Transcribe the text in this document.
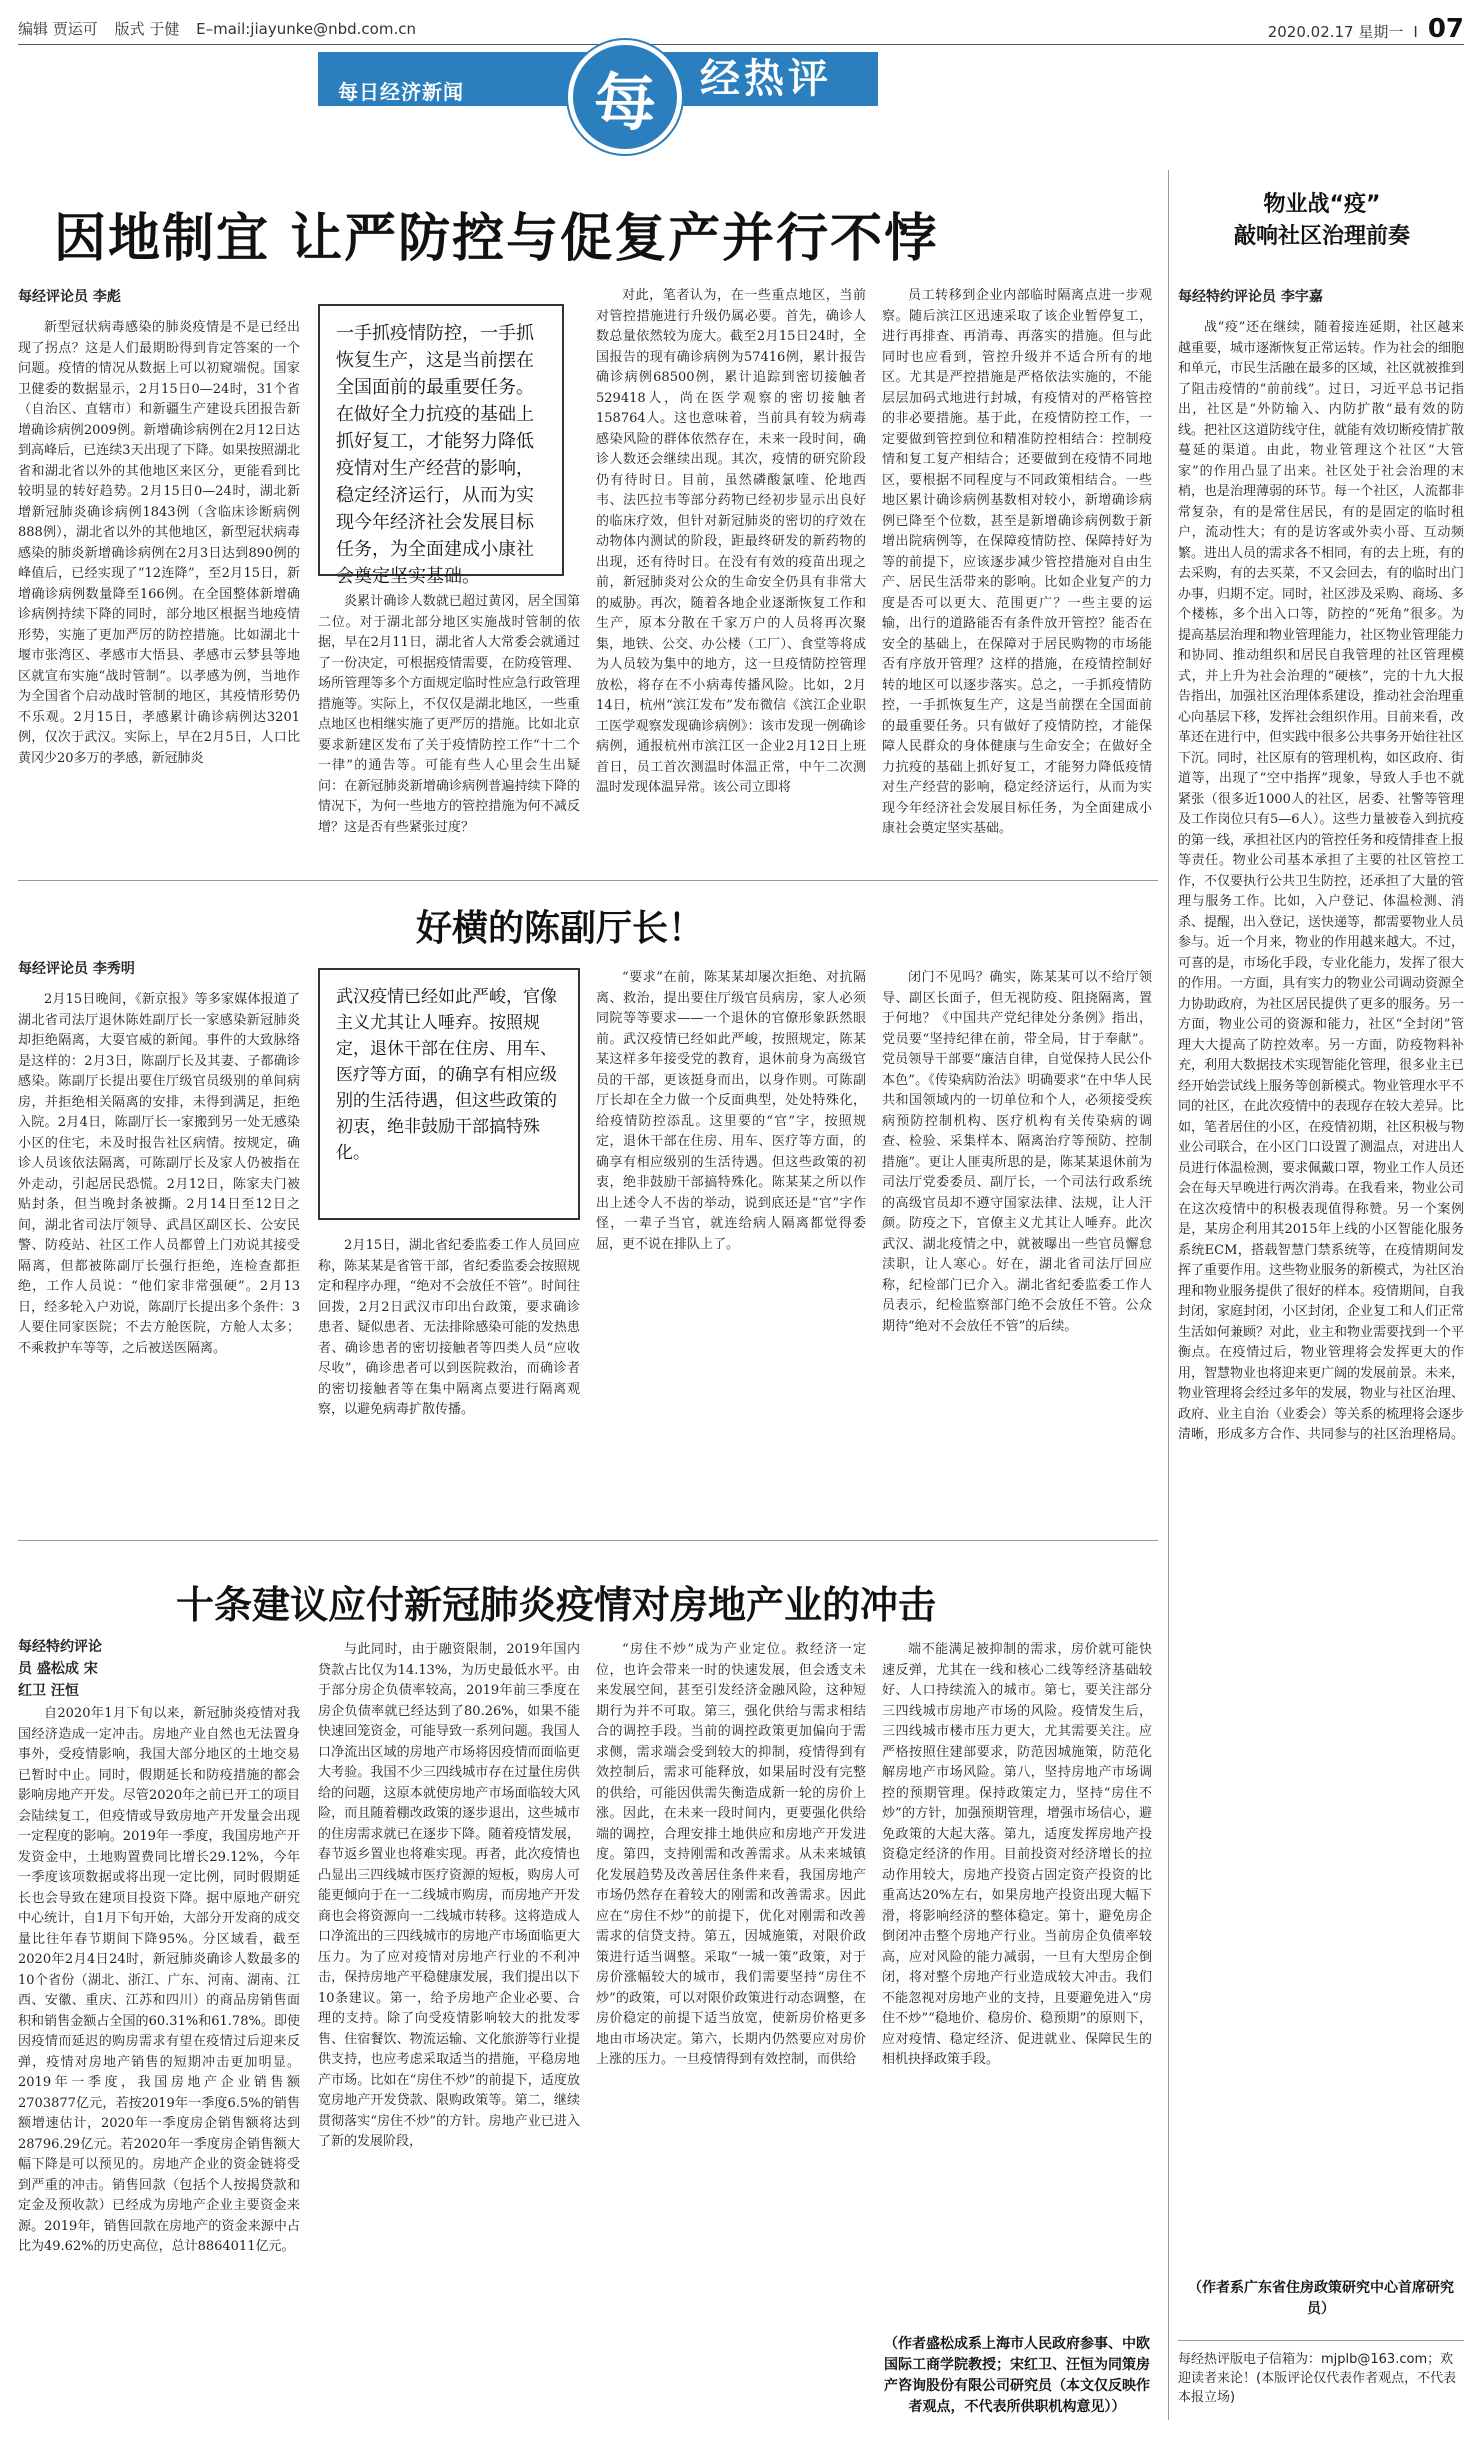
编辑 贾运可 版式 于健 E–mail:jiayunke@nbd.com.cn	2020.02.17 星期一 I 07
每日经济新闻	每	经热评
因地制宜 让严防控与促复产并行不悖
每经评论员 李彪
一手抓疫情防控，一手抓恢复生产，这是当前摆在全国面前的最重要任务。在做好全力抗疫的基础上抓好复工，才能努力降低疫情对生产经营的影响，稳定经济运行，从而为实现今年经济社会发展目标任务，为全面建成小康社会奠定坚实基础。

新型冠状病毒感染的肺炎疫情是不是已经出现了拐点？这是人们最期盼得到肯定答案的一个问题。疫情的情况从数据上可以初窥端倪。国家卫健委的数据显示，2月15日0—24时，31个省（自治区、直辖市）和新疆生产建设兵团报告新增确诊病例2009例。新增确诊病例在2月12日达到高峰后，已连续3天出现了下降。如果按照湖北省和湖北省以外的其他地区来区分，更能看到比较明显的转好趋势。2月15日0—24时，湖北新增新冠肺炎确诊病例1843例（含临床诊断病例888例），湖北省以外的其他地区，新型冠状病毒感染的肺炎新增确诊病例在2月3日达到890例的峰值后，已经实现了“12连降”，至2月15日，新增确诊病例数量降至166例。在全国整体新增确诊病例持续下降的同时，部分地区根据当地疫情形势，实施了更加严厉的防控措施。比如湖北十堰市张湾区、孝感市大悟县、孝感市云梦县等地区就宣布实施“战时管制”。以孝感为例，当地作为全国省个启动战时管制的地区，其疫情形势仍不乐观。2月15日，孝感累计确诊病例达3201例，仅次于武汉。实际上，早在2月5日，人口比黄冈少20多万的孝感，新冠肺炎

炎累计确诊人数就已超过黄冈，居全国第二位。对于湖北部分地区实施战时管制的依据，早在2月11日，湖北省人大常委会就通过了一份决定，可根据疫情需要，在防疫管理、场所管理等多个方面规定临时性应急行政管理措施等。实际上，不仅仅是湖北地区，一些重点地区也相继实施了更严厉的措施。比如北京要求新建区发布了关于疫情防控工作“十二个一律”的通告等。可能有些人心里会生出疑问：在新冠肺炎新增确诊病例普遍持续下降的情况下，为何一些地方的管控措施为何不减反增？这是否有些紧张过度？

对此，笔者认为，在一些重点地区，当前对管控措施进行升级仍属必要。首先，确诊人数总量依然较为庞大。截至2月15日24时，全国报告的现有确诊病例为57416例，累计报告确诊病例68500例，累计追踪到密切接触者529418人，尚在医学观察的密切接触者158764人。这也意味着，当前具有较为病毒感染风险的群体依然存在，未来一段时间，确诊人数还会继续出现。其次，疫情的研究阶段仍有待时日。目前，虽然磷酸氯喹、伦地西韦、法匹拉韦等部分药物已经初步显示出良好的临床疗效，但针对新冠肺炎的密切的疗效在动物体内测试的阶段，距最终研发的新药物的出现，还有待时日。在没有有效的疫苗出现之前，新冠肺炎对公众的生命安全仍具有非常大的威胁。再次，随着各地企业逐渐恢复工作和生产，原本分散在千家万户的人员将再次聚集，地铁、公交、办公楼（工厂）、食堂等将成为人员较为集中的地方，这一旦疫情防控管理放松，将存在不小病毒传播风险。比如，2月14日，杭州“滨江发布”发布微信《滨江企业职工医学观察发现确诊病例》：该市发现一例确诊病例，通报杭州市滨江区一企业2月12日上班首日，员工首次测温时体温正常，中午二次测温时发现体温异常。该公司立即将

员工转移到企业内部临时隔离点进一步观察。随后滨江区迅速采取了该企业暂停复工，进行再排查、再消毒、再落实的措施。但与此同时也应看到，管控升级并不适合所有的地区。尤其是严控措施是严格依法实施的，不能层层加码式地进行封城，有疫情对的严格管控的非必要措施。基于此，在疫情防控工作，一定要做到管控到位和精准防控相结合：控制疫情和复工复产相结合；还要做到在疫情不同地区，要根据不同程度与不同政策相结合。一些地区累计确诊病例基数相对较小，新增确诊病例已降至个位数，甚至是新增确诊病例数于新增出院病例等，在保障疫情防控、保障持好为等的前提下，应该逐步减少管控措施对自由生产、居民生活带来的影响。比如企业复产的力度是否可以更大、范围更广？一些主要的运输，出行的道路能否有条件放开管控？能否在安全的基础上，在保障对于居民购物的市场能否有序放开管理？这样的措施，在疫情控制好转的地区可以逐步落实。总之，一手抓疫情防控，一手抓恢复生产，这是当前摆在全国面前的最重要任务。只有做好了疫情防控，才能保障人民群众的身体健康与生命安全；在做好全力抗疫的基础上抓好复工，才能努力降低疫情对生产经营的影响，稳定经济运行，从而为实现今年经济社会发展目标任务，为全面建成小康社会奠定坚实基础。

好横的陈副厅长！
每经评论员 李秀明
武汉疫情已经如此严峻，官像主义尤其让人唾弃。按照规定，退休干部在住房、用车、医疗等方面，的确享有相应级别的生活待遇，但这些政策的初衷，绝非鼓励干部搞特殊化。

2月15日晚间，《新京报》等多家媒体报道了湖北省司法厅退休陈姓副厅长一家感染新冠肺炎却拒绝隔离，大耍官威的新闻。事件的大致脉络是这样的：2月3日，陈副厅长及其妻、子都确诊感染。陈副厅长提出要住厅级官员级别的单间病房，并拒绝相关隔离的安排，未得到满足，拒绝入院。2月4日，陈副厅长一家搬到另一处无感染小区的住宅，未及时报告社区病情。按规定，确诊人员该依法隔离，可陈副厅长及家人仍被指在外走动，引起居民恐慌。2月12日，陈家夫门被贴封条，但当晚封条被撕。2月14日至12日之间，湖北省司法厅领导、武昌区副区长、公安民警、防疫站、社区工作人员都曾上门劝说其接受隔离，但都被陈副厅长强行拒绝，连检查都拒绝，工作人员说：“他们家非常强硬”。2月13日，经多轮入户劝说，陈副厅长提出多个条件：3人要住同家医院；不去方舱医院，方舱人太多；不乘救护车等等，之后被送医隔离。

2月15日，湖北省纪委监委工作人员回应称，陈某某是省管干部，省纪委监委会按照规定和程序办理，“绝对不会放任不管”。时间往回拨，2月2日武汉市印出台政策，要求确诊患者、疑似患者、无法排除感染可能的发热患者、确诊患者的密切接触者等四类人员“应收尽收”，确诊患者可以到医院救治，而确诊者的密切接触者等在集中隔离点要进行隔离观察，以避免病毒扩散传播。

“要求”在前，陈某某却屡次拒绝、对抗隔离、救治，提出要住厅级官员病房，家人必须同院等等要求——一个退休的官僚形象跃然眼前。武汉疫情已经如此严峻，按照规定，陈某某这样多年接受党的教育，退休前身为高级官员的干部，更该挺身而出，以身作则。可陈副厅长却在全力做一个反面典型，处处特殊化，给疫情防控添乱。这里要的“官”字，按照规定，退休干部在住房、用车、医疗等方面，的确享有相应级别的生活待遇。但这些政策的初衷，绝非鼓励干部搞特殊化。陈某某之所以作出上述令人不齿的举动，说到底还是“官”字作怪，一辈子当官，就连给病人隔离都觉得委屈，更不说在排队上了。

闭门不见吗？确实，陈某某可以不给厅领导、副区长面子，但无视防疫、阻挠隔离，置于何地？《中国共产党纪律处分条例》指出，党员要“坚持纪律在前，带全局，甘于奉献”。党员领导干部要“廉洁自律，自觉保持人民公仆本色”。《传染病防治法》明确要求“在中华人民共和国领域内的一切单位和个人，必须接受疾病预防控制机构、医疗机构有关传染病的调查、检验、采集样本、隔离治疗等预防、控制措施”。更让人匪夷所思的是，陈某某退休前为司法厅党委委员、副厅长，一个司法行政系统的高级官员却不遵守国家法律、法规，让人汗颜。防疫之下，官僚主义尤其让人唾弃。此次武汉、湖北疫情之中，就被曝出一些官员懈怠渎职，让人寒心。好在，湖北省司法厅回应称，纪检部门已介入。湖北省纪委监委工作人员表示，纪检监察部门绝不会放任不管。公众期待“绝对不会放任不管”的后续。

十条建议应付新冠肺炎疫情对房地产业的冲击
每经特约评论员 盛松成 宋红卫 汪恒

自2020年1月下旬以来，新冠肺炎疫情对我国经济造成一定冲击。房地产业自然也无法置身事外，受疫情影响，我国大部分地区的土地交易已暂时中止。同时，假期延长和防疫措施的都会影响房地产开发。尽管2020年之前已开工的项目会陆续复工，但疫情或导致房地产开发量会出现一定程度的影响。2019年一季度，我国房地产开发资金中，土地购置费同比增长29.12%，今年一季度该项数据或将出现一定比例，同时假期延长也会导致在建项目投资下降。据中原地产研究中心统计，自1月下旬开始，大部分开发商的成交量比往年春节期间下降95%。分区域看，截至2020年2月4日24时，新冠肺炎确诊人数最多的10个省份（湖北、浙江、广东、河南、湖南、江西、安徽、重庆、江苏和四川）的商品房销售面积和销售金额占全国的60.31%和61.78%。即使因疫情而延迟的购房需求有望在疫情过后迎来反弹，疫情对房地产销售的短期冲击更加明显。2019年一季度，我国房地产企业销售额2703877亿元，若按2019年一季度6.5%的销售额增速估计，2020年一季度房企销售额将达到28796.29亿元。若2020年一季度房企销售额大幅下降是可以预见的。房地产企业的资金链将受到严重的冲击。销售回款（包括个人按揭贷款和定金及预收款）已经成为房地产企业主要资金来源。2019年，销售回款在房地产的资金来源中占比为49.62%的历史高位，总计8864011亿元。

与此同时，由于融资限制，2019年国内贷款占比仅为14.13%，为历史最低水平。由于部分房企负债率较高，2019年前三季度在房企负债率就已经达到了80.26%，如果不能快速回笼资金，可能导致一系列问题。我国人口净流出区域的房地产市场将因疫情而面临更大考验。我国不少三四线城市存在过量住房供给的问题，这原本就使房地产市场面临较大风险，而且随着棚改政策的逐步退出，这些城市的住房需求就已在逐步下降。随着疫情发展，春节返乡置业也将难实现。再者，此次疫情也凸显出三四线城市医疗资源的短板，购房人可能更倾向于在一二线城市购房，而房地产开发商也会将资源向一二线城市转移。这将造成人口净流出的三四线城市的房地产市场面临更大压力。为了应对疫情对房地产行业的不利冲击，保持房地产平稳健康发展，我们提出以下10条建议。第一，给予房地产企业必要、合理的支持。除了向受疫情影响较大的批发零售、住宿餐饮、物流运输、文化旅游等行业提供支持，也应考虑采取适当的措施，平稳房地产市场。比如在“房住不炒”的前提下，适度放宽房地产开发贷款、限购政策等。第二，继续贯彻落实“房住不炒”的方针。房地产业已进入了新的发展阶段，

“房住不炒”成为产业定位。救经济一定位，也许会带来一时的快速发展，但会透支未来发展空间，甚至引发经济金融风险，这种短期行为并不可取。第三，强化供给与需求相结合的调控手段。当前的调控政策更加偏向于需求侧，需求端会受到较大的抑制，疫情得到有效控制后，需求可能释放，如果届时没有完整的供给，可能因供需失衡造成新一轮的房价上涨。因此，在未来一段时间内，更要强化供给端的调控，合理安排土地供应和房地产开发进度。第四，支持刚需和改善需求。从未来城镇化发展趋势及改善居住条件来看，我国房地产市场仍然存在着较大的刚需和改善需求。因此应在“房住不炒”的前提下，优化对刚需和改善需求的信贷支持。第五，因城施策，对限价政策进行适当调整。采取“一城一策”政策，对于房价涨幅较大的城市，我们需要坚持“房住不炒”的政策，可以对限价政策进行动态调整，在房价稳定的前提下适当放宽，使新房价格更多地由市场决定。第六，长期内仍然要应对房价上涨的压力。一旦疫情得到有效控制，而供给

端不能满足被抑制的需求，房价就可能快速反弹，尤其在一线和核心二线等经济基础较好、人口持续流入的城市。第七，要关注部分三四线城市房地产市场的风险。疫情发生后，三四线城市楼市压力更大，尤其需要关注。应严格按照住建部要求，防范因城施策，防范化解房地产市场风险。第八，坚持房地产市场调控的预期管理。保持政策定力，坚持“房住不炒”的方针，加强预期管理，增强市场信心，避免政策的大起大落。第九，适度发挥房地产投资稳定经济的作用。目前投资对经济增长的拉动作用较大，房地产投资占固定资产投资的比重高达20%左右，如果房地产投资出现大幅下滑，将影响经济的整体稳定。第十，避免房企倒闭冲击整个房地产行业。当前房企负债率较高，应对风险的能力减弱，一旦有大型房企倒闭，将对整个房地产行业造成较大冲击。我们不能忽视对房地产业的支持，且要避免进入“房住不炒”“稳地价、稳房价、稳预期”的原则下，应对疫情、稳定经济、促进就业、保障民生的相机抉择政策手段。

（作者盛松成系上海市人民政府参事、中欧国际工商学院教授；宋红卫、汪恒为同策房产咨询股份有限公司研究员（本文仅反映作者观点，不代表所供职机构意见））
物业战“疫”
敲响社区治理前奏
每经特约评论员 李宇嘉

战“疫”还在继续，随着接连延期，社区越来越重要，城市逐渐恢复正常运转。作为社会的细胞和单元，市民生活融在最多的区域，社区就被推到了阻击疫情的“前前线”。过日，习近平总书记指出，社区是“外防输入、内防扩散”最有效的防线。把社区这道防线守住，就能有效切断疫情扩散蔓延的渠道。由此，物业管理这个社区“大管家”的作用凸显了出来。社区处于社会治理的末梢，也是治理薄弱的环节。每一个社区，人流都非常复杂，有的是常住居民，有的是固定的临时租户，流动性大；有的是访客或外卖小哥、互动频繁。进出人员的需求各不相同，有的去上班，有的去采购，有的去买菜，不又会回去，有的临时出门办事，归期不定。同时，社区涉及采购、商场、多个楼栋，多个出入口等，防控的“死角”很多。为提高基层治理和物业管理能力，社区物业管理能力和协同、推动组织和居民自我管理的社区管理模式，并上升为社会治理的“硬核”，完的十九大报告指出，加强社区治理体系建设，推动社会治理重心向基层下移，发挥社会组织作用。目前来看，改革还在进行中，但实践中很多公共事务开始往社区下沉。同时，社区原有的管理机构，如区政府、街道等，出现了“空中指挥”现象，导致人手也不就紧张（很多近1000人的社区，居委、社警等管理及工作岗位只有5—6人）。这些力量被卷入到抗疫的第一线，承担社区内的管控任务和疫情排查上报等责任。物业公司基本承担了主要的社区管控工作，不仅要执行公共卫生防控，还承担了大量的管理与服务工作。比如，入户登记、体温检测、消杀、提醒，出入登记，送快递等，都需要物业人员参与。近一个月来，物业的作用越来越大。不过，可喜的是，市场化手段，专业化能力，发挥了很大的作用。一方面，具有实力的物业公司调动资源全力协助政府，为社区居民提供了更多的服务。另一方面，物业公司的资源和能力，社区“全封闭”管理大大提高了防控效率。另一方面，防疫物料补充，利用大数据技术实现智能化管理，很多业主已经开始尝试线上服务等创新模式。物业管理水平不同的社区，在此次疫情中的表现存在较大差异。比如，笔者居住的小区，在疫情初期，社区积极与物业公司联合，在小区门口设置了测温点，对进出人员进行体温检测，要求佩戴口罩，物业工作人员还会在每天早晚进行两次消毒。在我看来，物业公司在这次疫情中的积极表现值得称赞。另一个案例是，某房企利用其2015年上线的小区智能化服务系统ECM，搭载智慧门禁系统等，在疫情期间发挥了重要作用。这些物业服务的新模式，为社区治理和物业服务提供了很好的样本。疫情期间，自我封闭，家庭封闭，小区封闭，企业复工和人们正常生活如何兼顾？对此，业主和物业需要找到一个平衡点。在疫情过后，物业管理将会发挥更大的作用，智慧物业也将迎来更广阔的发展前景。未来，物业管理将会经过多年的发展，物业与社区治理、政府、业主自治（业委会）等关系的梳理将会逐步清晰，形成多方合作、共同参与的社区治理格局。

（作者系广东省住房政策研究中心首席研究员）
每经热评版电子信箱为：mjplb@163.com；欢迎读者来论！(本版评论仅代表作者观点，不代表本报立场)
